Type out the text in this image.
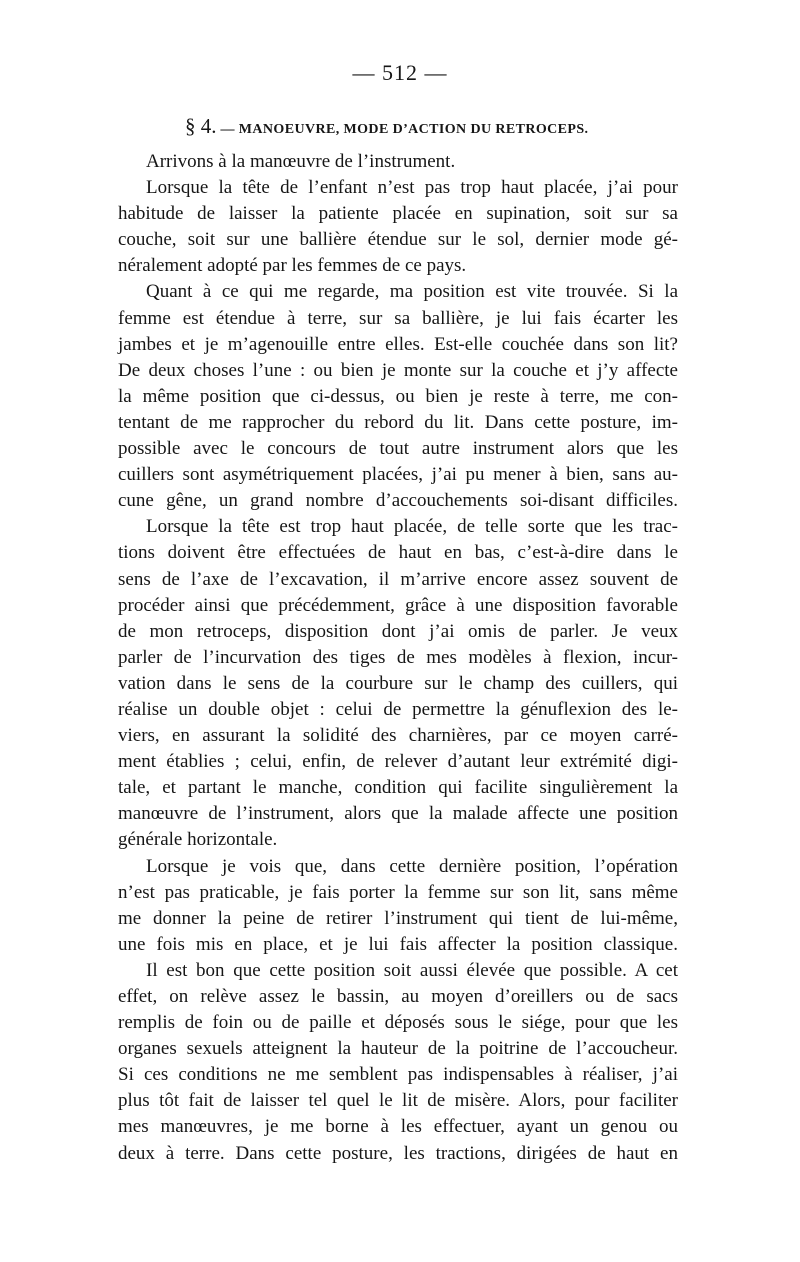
— 512 —
§ 4. — MANOEUVRE, MODE D’ACTION DU RETROCEPS.
Arrivons à la manœuvre de l’instrument.
Lorsque la tête de l’enfant n’est pas trop haut placée, j’ai pour
habitude de laisser la patiente placée en supination, soit sur sa
couche, soit sur une ballière étendue sur le sol, dernier mode gé-
néralement adopté par les femmes de ce pays.
Quant à ce qui me regarde, ma position est vite trouvée. Si la
femme est étendue à terre, sur sa ballière, je lui fais écarter les
jambes et je m’agenouille entre elles. Est-elle couchée dans son lit?
De deux choses l’une : ou bien je monte sur la couche et j’y affecte
la même position que ci-dessus, ou bien je reste à terre, me con-
tentant de me rapprocher du rebord du lit. Dans cette posture, im-
possible avec le concours de tout autre instrument alors que les
cuillers sont asymétriquement placées, j’ai pu mener à bien, sans au-
cune gêne, un grand nombre d’accouchements soi-disant difficiles.
Lorsque la tête est trop haut placée, de telle sorte que les trac-
tions doivent être effectuées de haut en bas, c’est-à-dire dans le
sens de l’axe de l’excavation, il m’arrive encore assez souvent de
procéder ainsi que précédemment, grâce à une disposition favorable
de mon retroceps, disposition dont j’ai omis de parler. Je veux
parler de l’incurvation des tiges de mes modèles à flexion, incur-
vation dans le sens de la courbure sur le champ des cuillers, qui
réalise un double objet : celui de permettre la génuflexion des le-
viers, en assurant la solidité des charnières, par ce moyen carré-
ment établies ; celui, enfin, de relever d’autant leur extrémité digi-
tale, et partant le manche, condition qui facilite singulièrement la
manœuvre de l’instrument, alors que la malade affecte une position
générale horizontale.
Lorsque je vois que, dans cette dernière position, l’opération
n’est pas praticable, je fais porter la femme sur son lit, sans même
me donner la peine de retirer l’instrument qui tient de lui-même,
une fois mis en place, et je lui fais affecter la position classique.
Il est bon que cette position soit aussi élevée que possible. A cet
effet, on relève assez le bassin, au moyen d’oreillers ou de sacs
remplis de foin ou de paille et déposés sous le siége, pour que les
organes sexuels atteignent la hauteur de la poitrine de l’accoucheur.
Si ces conditions ne me semblent pas indispensables à réaliser, j’ai
plus tôt fait de laisser tel quel le lit de misère. Alors, pour faciliter
mes manœuvres, je me borne à les effectuer, ayant un genou ou
deux à terre. Dans cette posture, les tractions, dirigées de haut en
